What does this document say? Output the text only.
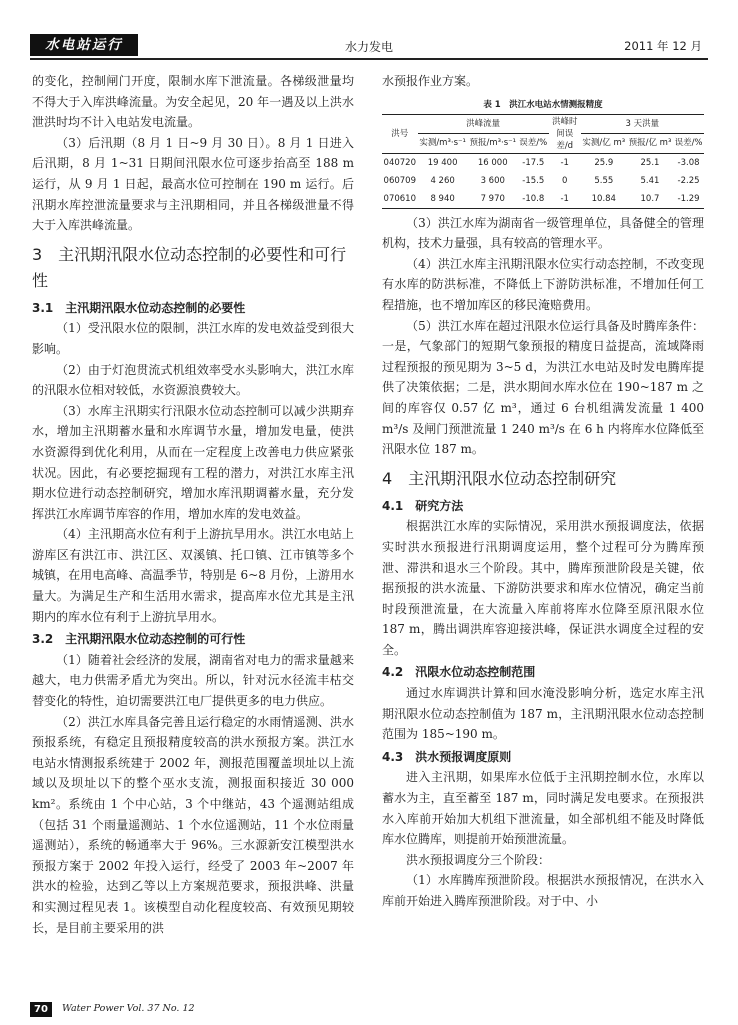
水电站运行	水力发电	2011 年 12 月

的变化，控制闸门开度，限制水库下泄流量。各梯级泄量均不得大于入库洪峰流量。为安全起见，20 年一遇及以上洪水泄洪时均不计入电站发电流量。

（3）后汛期（8 月 1 日~9 月 30 日）。8 月 1 日进入后汛期，8 月 1~31 日期间汛限水位可逐步抬高至 188 m 运行，从 9 月 1 日起，最高水位可控制在 190 m 运行。后汛期水库控泄流量要求与主汛期相同，并且各梯级泄量不得大于入库洪峰流量。

3　主汛期汛限水位动态控制的必要性和可行性
3.1　主汛期汛限水位动态控制的必要性

（1）受汛限水位的限制，洪江水库的发电效益受到很大影响。

（2）由于灯泡贯流式机组效率受水头影响大，洪江水库的汛限水位相对较低，水资源浪费较大。

（3）水库主汛期实行汛限水位动态控制可以减少洪期弃水，增加主汛期蓄水量和水库调节水量，增加发电量，使洪水资源得到优化利用，从而在一定程度上改善电力供应紧张状况。因此，有必要挖掘现有工程的潜力，对洪江水库主汛期水位进行动态控制研究，增加水库汛期调蓄水量，充分发挥洪江水库调节库容的作用，增加水库的发电效益。

（4）主汛期高水位有利于上游抗旱用水。洪江水电站上游库区有洪江市、洪江区、双溪镇、托口镇、江市镇等多个城镇，在用电高峰、高温季节，特别是 6~8 月份，上游用水量大。为满足生产和生活用水需求，提高库水位尤其是主汛期内的库水位有利于上游抗旱用水。

3.2　主汛期汛限水位动态控制的可行性

（1）随着社会经济的发展，湖南省对电力的需求量越来越大，电力供需矛盾尤为突出。所以，针对沅水径流丰枯交替变化的特性，迫切需要洪江电厂提供更多的电力供应。

（2）洪江水库具备完善且运行稳定的水雨情遥测、洪水预报系统，有稳定且预报精度较高的洪水预报方案。洪江水电站水情测报系统建于 2002 年，测报范围覆盖坝址以上流域以及坝址以下的整个巫水支流，测报面积接近 30 000 km²。系统由 1 个中心站，3 个中继站，43 个遥测站组成（包括 31 个雨量遥测站、1 个水位遥测站，11 个水位雨量遥测站），系统的畅通率大于 96%。三水源新安江模型洪水预报方案于 2002 年投入运行，经受了 2003 年~2007 年洪水的检验，达到乙等以上方案规范要求，预报洪峰、洪量和实测过程见表 1。该模型自动化程度较高、有效预见期较长，是目前主要采用的洪

水预报作业方案。

表 1　洪江水电站水情测报精度
洪号	洪峰流量			洪峰时间误差/d	3 天洪量		
	实测/m³·s⁻¹	预报/m³·s⁻¹	误差/%		实测/亿 m³	预报/亿 m³	误差/%
040720	19 400	16 000	-17.5	-1	25.9	25.1	-3.08
060709	4 260	3 600	-15.5	0	5.55	5.41	-2.25
070610	8 940	7 970	-10.8	-1	10.84	10.7	-1.29

（3）洪江水库为湖南省一级管理单位，具备健全的管理机构，技术力量强，具有较高的管理水平。

（4）洪江水库主汛期汛限水位实行动态控制，不改变现有水库的防洪标准，不降低上下游防洪标准，不增加任何工程措施，也不增加库区的移民淹赔费用。

（5）洪江水库在超过汛限水位运行具备及时腾库条件：一是，气象部门的短期气象预报的精度日益提高，流域降雨过程预报的预见期为 3~5 d，为洪江水电站及时发电腾库提供了决策依据；二是，洪水期间水库水位在 190~187 m 之间的库容仅 0.57 亿 m³，通过 6 台机组满发流量 1 400 m³/s 及闸门预泄流量 1 240 m³/s 在 6 h 内将库水位降低至汛限水位 187 m。

4　主汛期汛限水位动态控制研究
4.1　研究方法

根据洪江水库的实际情况，采用洪水预报调度法，依据实时洪水预报进行汛期调度运用，整个过程可分为腾库预泄、滞洪和退水三个阶段。其中，腾库预泄阶段是关键，依据预报的洪水流量、下游防洪要求和库水位情况，确定当前时段预泄流量，在大流量入库前将库水位降至原汛限水位 187 m，腾出调洪库容迎接洪峰，保证洪水调度全过程的安全。

4.2　汛限水位动态控制范围

通过水库调洪计算和回水淹没影响分析，选定水库主汛期汛限水位动态控制值为 187 m，主汛期汛限水位动态控制范围为 185~190 m。

4.3　洪水预报调度原则

进入主汛期，如果库水位低于主汛期控制水位，水库以蓄水为主，直至蓄至 187 m，同时满足发电要求。在预报洪水入库前开始加大机组下泄流量，如全部机组不能及时降低库水位腾库，则提前开始预泄流量。

洪水预报调度分三个阶段：

（1）水库腾库预泄阶段。根据洪水预报情况，在洪水入库前开始进入腾库预泄阶段。对于中、小

70	Water Power Vol. 37 No. 12
